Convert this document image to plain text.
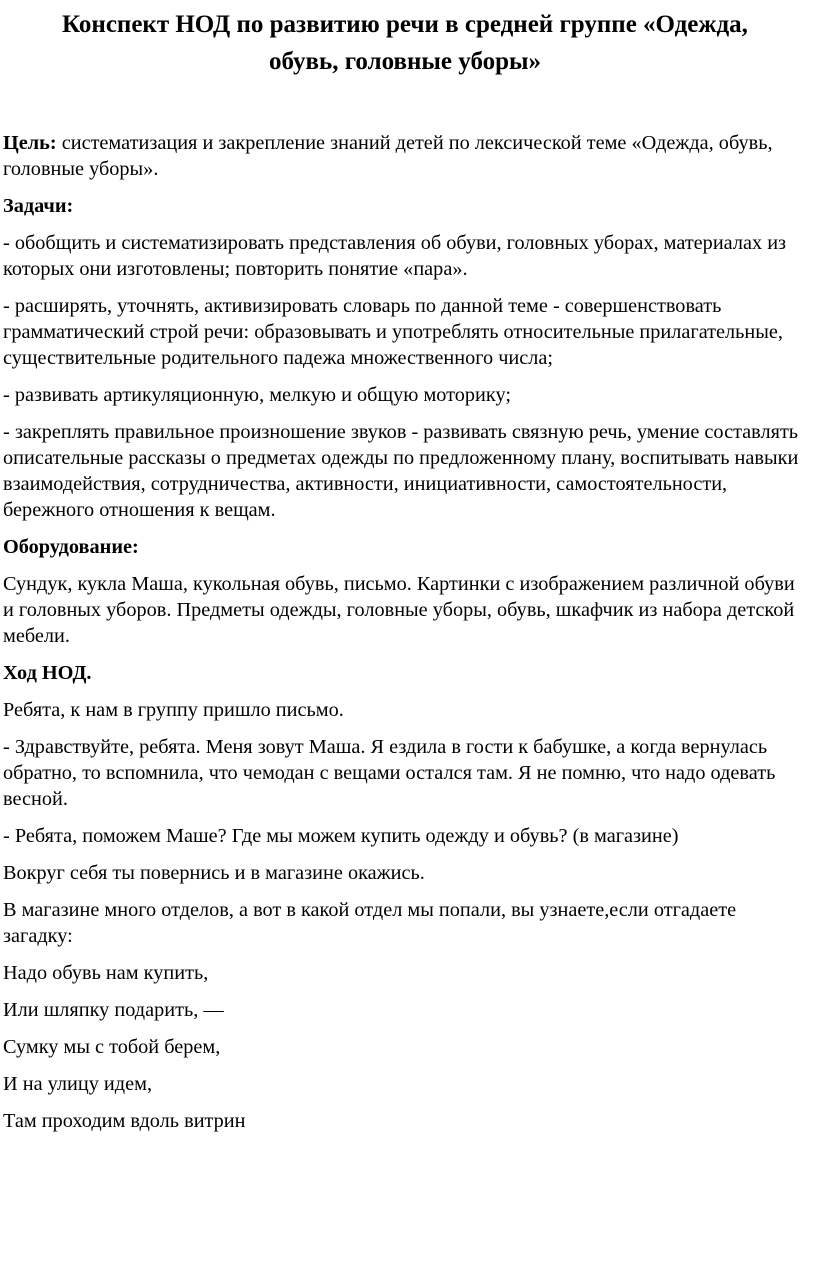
Конспект НОД по развитию речи в средней группе «Одежда,
обувь, головные уборы»

Цель: систематизация и закрепление знаний детей по лексической теме «Одежда, обувь, головные уборы».

Задачи:

- обобщить и систематизировать представления об обуви, головных уборах, материалах из которых они изготовлены; повторить понятие «пара».

- расширять, уточнять, активизировать словарь по данной теме - совершенствовать грамматический строй речи: образовывать и употреблять относительные прилагательные, существительные родительного падежа множественного числа;

- развивать артикуляционную, мелкую и общую моторику;

- закреплять правильное произношение звуков - развивать связную речь, умение составлять описательные рассказы о предметах одежды по предложенному плану, воспитывать навыки взаимодействия, сотрудничества, активности, инициативности, самостоятельности, бережного отношения к вещам.

Оборудование:

Сундук, кукла Маша, кукольная обувь, письмо. Картинки с изображением различной обуви и головных уборов. Предметы одежды, головные уборы, обувь, шкафчик из набора детской мебели.

Ход НОД.

Ребята, к нам в группу пришло письмо.

- Здравствуйте, ребята. Меня зовут Маша. Я ездила в гости к бабушке, а когда вернулась обратно, то вспомнила, что чемодан с вещами остался там. Я не помню, что надо одевать весной.

- Ребята, поможем Маше? Где мы можем купить одежду и обувь? (в магазине)

Вокруг себя ты повернись и в магазине окажись.

В магазине много отделов, а вот в какой отдел мы попали, вы узнаете,если отгадаете загадку:

Надо обувь нам купить,

Или шляпку подарить, —

Сумку мы с тобой берем,

И на улицу идем,

Там проходим вдоль витрин
